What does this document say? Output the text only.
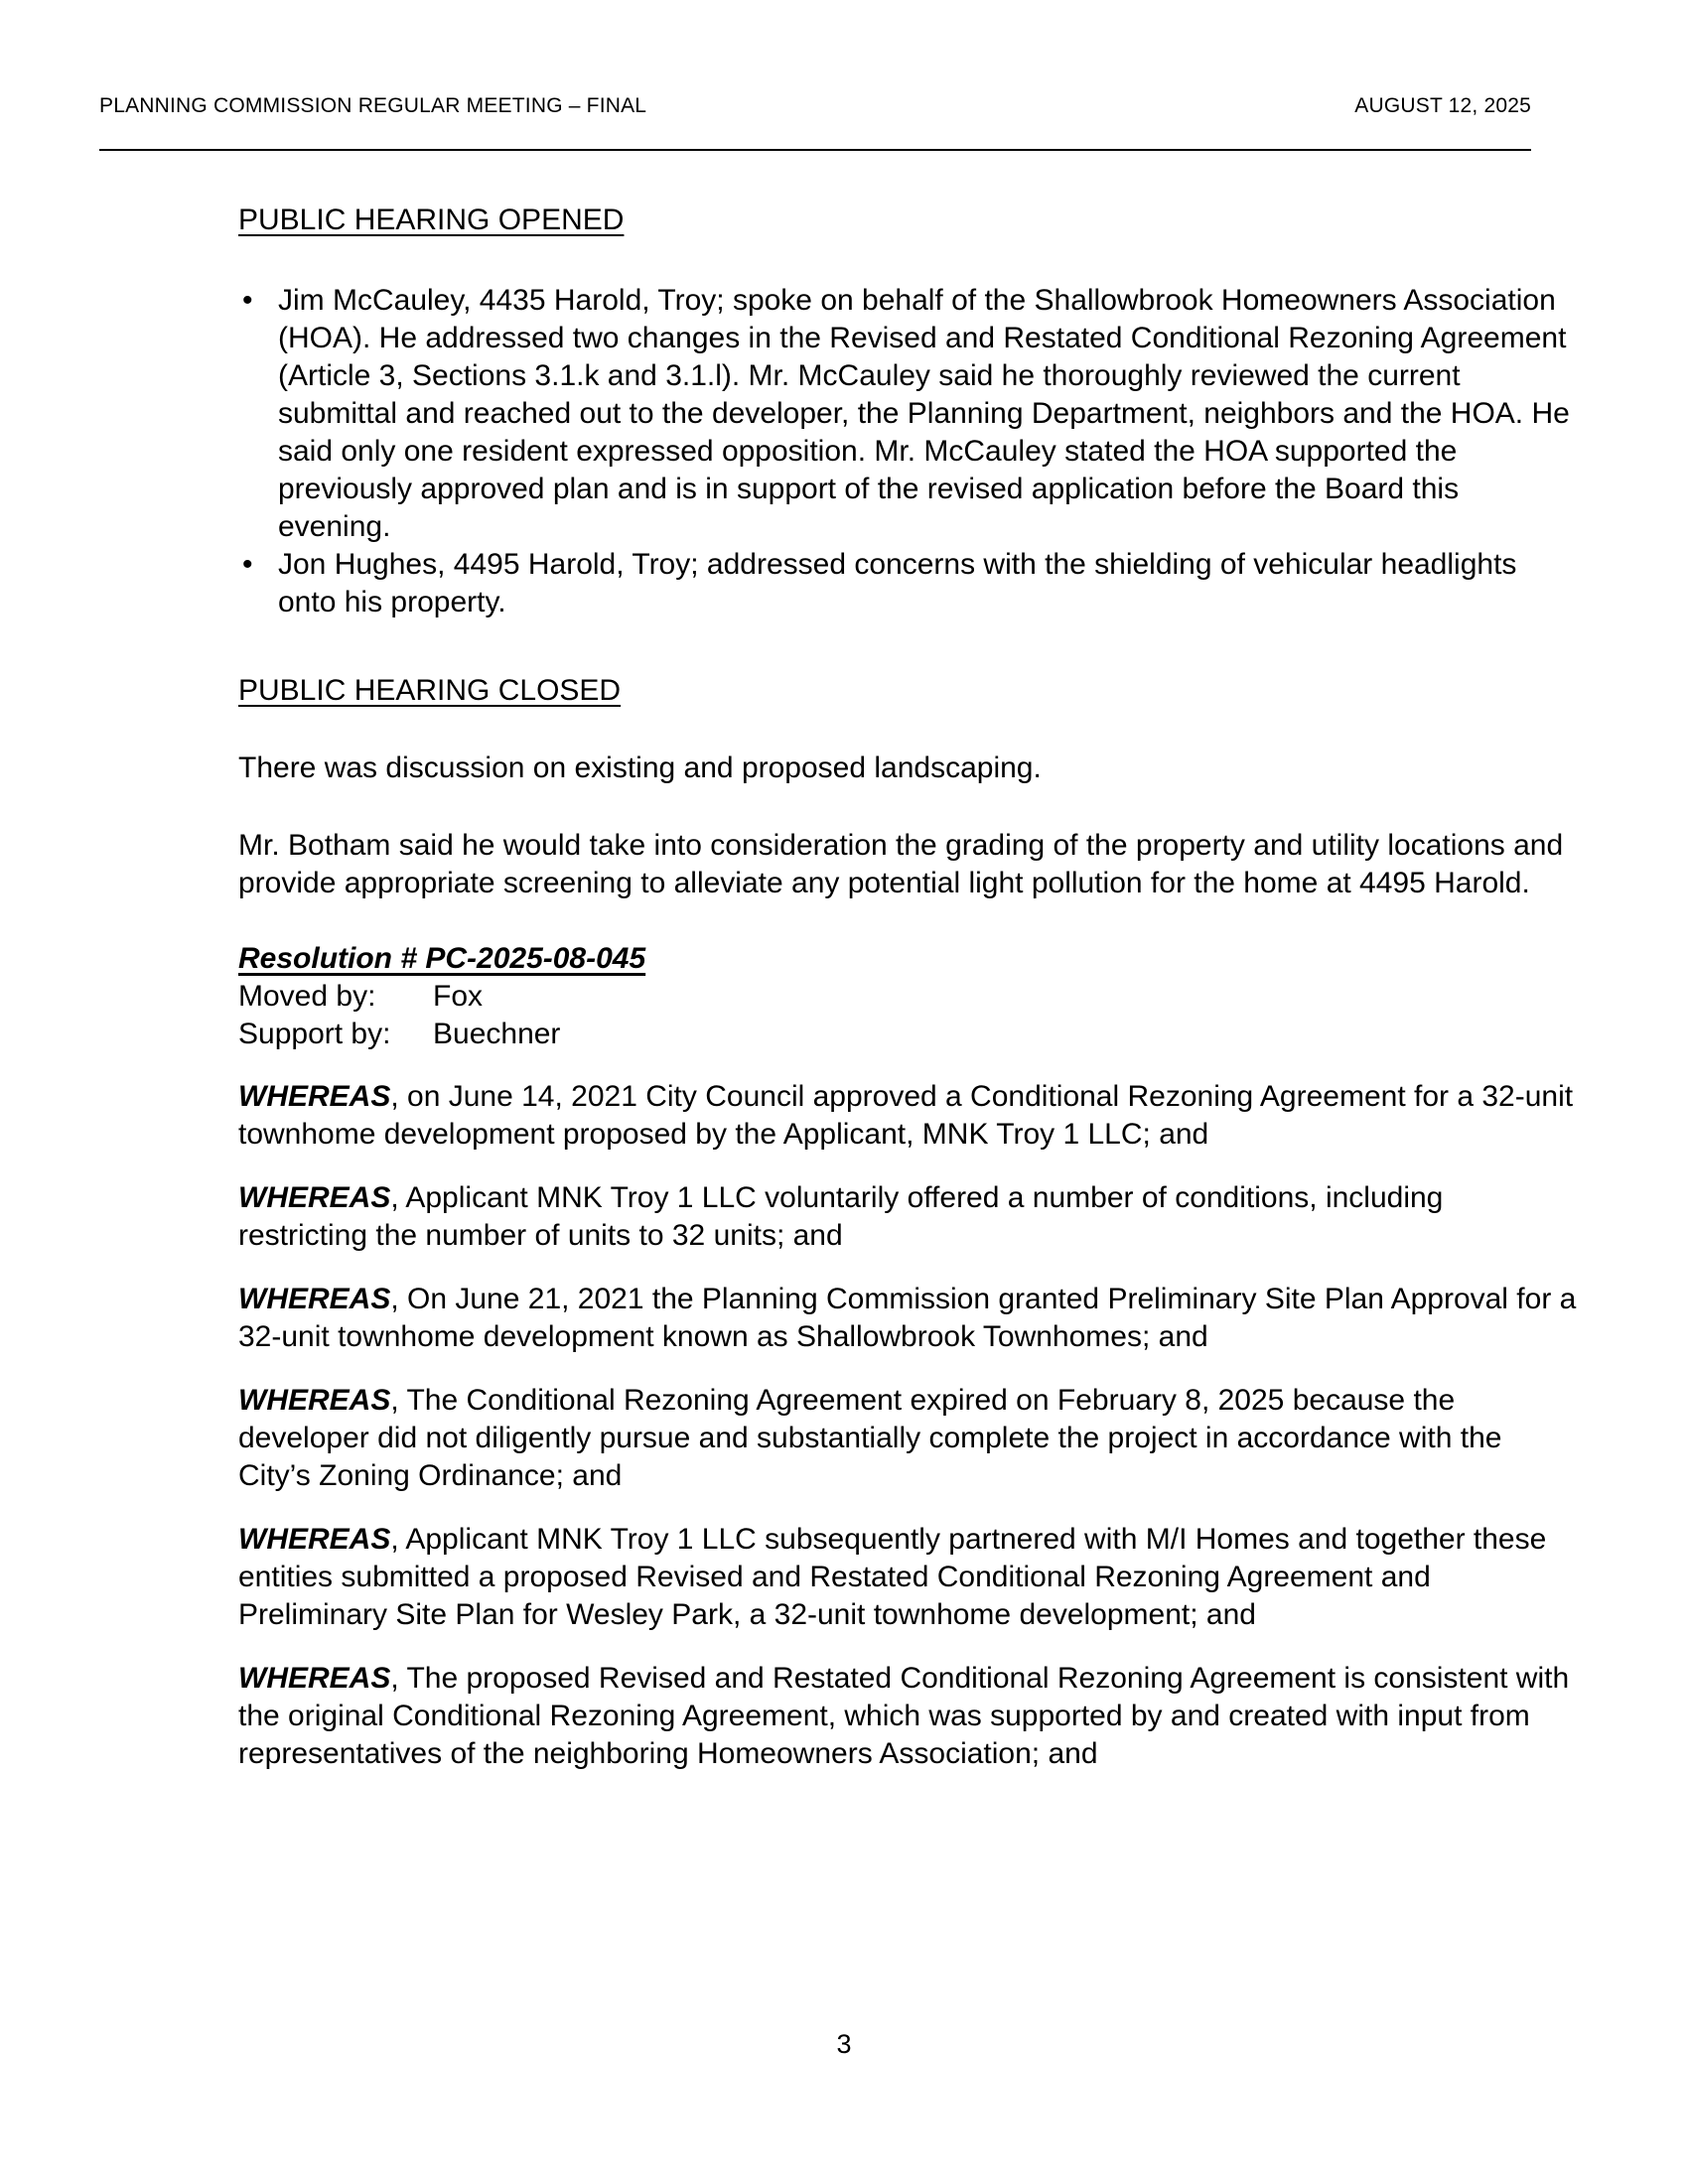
PLANNING COMMISSION REGULAR MEETING – FINAL	AUGUST 12, 2025
PUBLIC HEARING OPENED
• Jim McCauley, 4435 Harold, Troy; spoke on behalf of the Shallowbrook Homeowners Association (HOA). He addressed two changes in the Revised and Restated Conditional Rezoning Agreement (Article 3, Sections 3.1.k and 3.1.l). Mr. McCauley said he thoroughly reviewed the current submittal and reached out to the developer, the Planning Department, neighbors and the HOA. He said only one resident expressed opposition. Mr. McCauley stated the HOA supported the previously approved plan and is in support of the revised application before the Board this evening.
• Jon Hughes, 4495 Harold, Troy; addressed concerns with the shielding of vehicular headlights onto his property.
PUBLIC HEARING CLOSED

There was discussion on existing and proposed landscaping.

Mr. Botham said he would take into consideration the grading of the property and utility locations and provide appropriate screening to alleviate any potential light pollution for the home at 4495 Harold.

Resolution # PC-2025-08-045
Moved by: Fox
Support by: Buechner

WHEREAS, on June 14, 2021 City Council approved a Conditional Rezoning Agreement for a 32-unit townhome development proposed by the Applicant, MNK Troy 1 LLC; and

WHEREAS, Applicant MNK Troy 1 LLC voluntarily offered a number of conditions, including restricting the number of units to 32 units; and

WHEREAS, On June 21, 2021 the Planning Commission granted Preliminary Site Plan Approval for a 32-unit townhome development known as Shallowbrook Townhomes; and

WHEREAS, The Conditional Rezoning Agreement expired on February 8, 2025 because the developer did not diligently pursue and substantially complete the project in accordance with the City’s Zoning Ordinance; and

WHEREAS, Applicant MNK Troy 1 LLC subsequently partnered with M/I Homes and together these entities submitted a proposed Revised and Restated Conditional Rezoning Agreement and Preliminary Site Plan for Wesley Park, a 32-unit townhome development; and

WHEREAS, The proposed Revised and Restated Conditional Rezoning Agreement is consistent with the original Conditional Rezoning Agreement, which was supported by and created with input from representatives of the neighboring Homeowners Association; and

3
